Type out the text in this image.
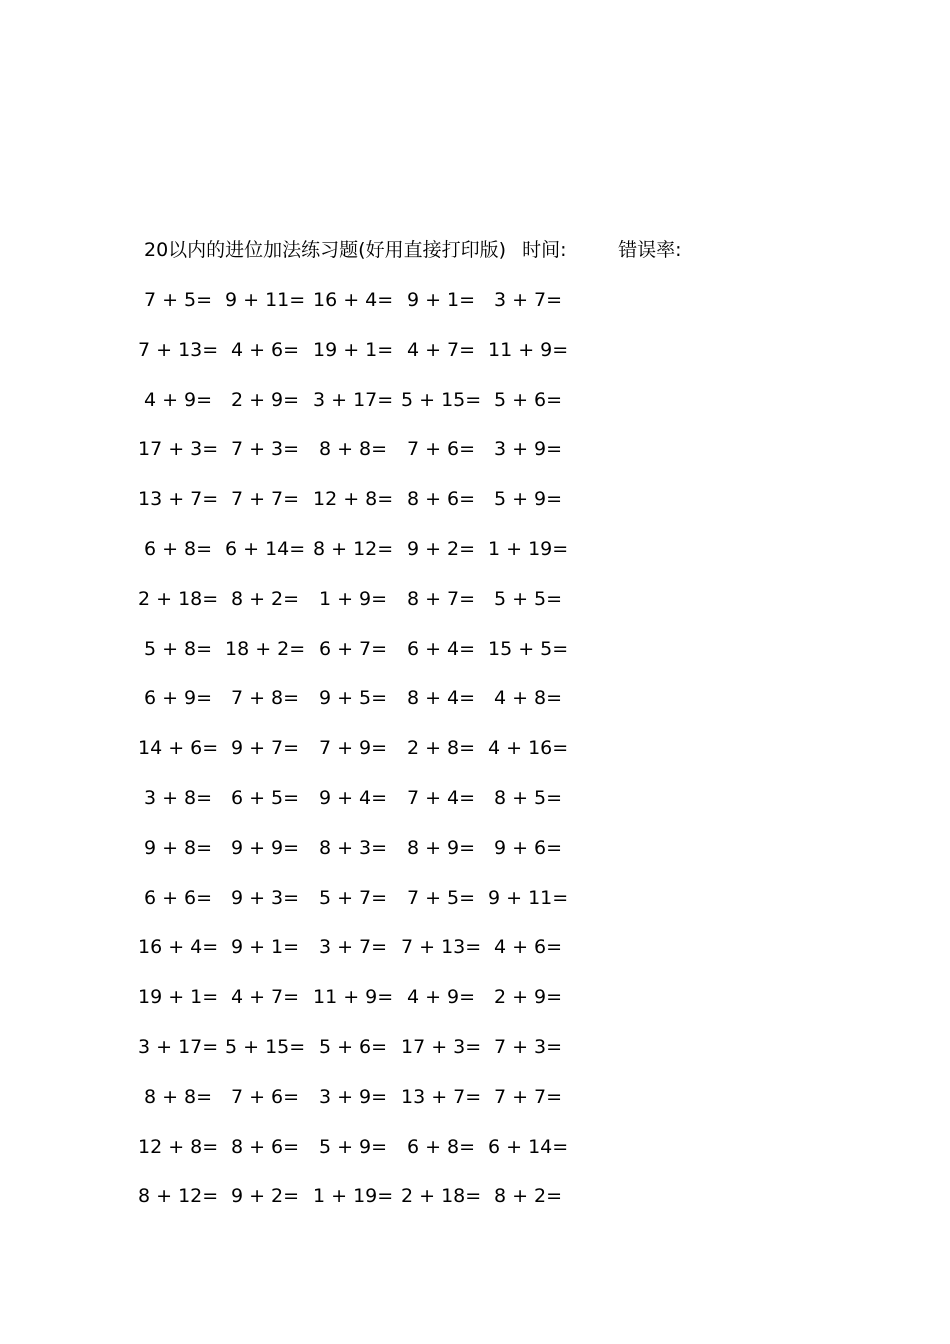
20以内的进位加法练习题(好用直接打印版) 时间:	错误率:
7 + 5= 9 + 11= 16 + 4= 9 + 1= 3 + 7=
7 + 13= 4 + 6= 19 + 1= 4 + 7= 11 + 9=
4 + 9= 2 + 9= 3 + 17= 5 + 15= 5 + 6=
17 + 3= 7 + 3=	8 + 8=	7 + 6= 3 + 9=
13 + 7= 7 + 7= 12 + 8= 8 + 6= 5 + 9=
6 + 8= 6 + 14= 8 + 12= 9 + 2= 1 + 19=
2 + 18= 8 + 2=	1 + 9=	8 + 7= 5 + 5=
5 + 8= 18 + 2= 6 + 7=	6 + 4= 15 + 5=
6 + 9= 7 + 8=	9 + 5=	8 + 4= 4 + 8=
14 + 6= 9 + 7=	7 + 9=	2 + 8= 4 + 16=
3 + 8= 6 + 5=	9 + 4=	7 + 4= 8 + 5=
9 + 8= 9 + 9=	8 + 3=	8 + 9= 9 + 6=
6 + 6= 9 + 3=	5 + 7=	7 + 5= 9 + 11=
16 + 4= 9 + 1=	3 + 7= 7 + 13= 4 + 6=
19 + 1= 4 + 7= 11 + 9= 4 + 9= 2 + 9=
3 + 17= 5 + 15= 5 + 6= 17 + 3= 7 + 3=
8 + 8= 7 + 6=	3 + 9= 13 + 7= 7 + 7=
12 + 8= 8 + 6=	5 + 9=	6 + 8= 6 + 14=
8 + 12= 9 + 2= 1 + 19= 2 + 18= 8 + 2=
